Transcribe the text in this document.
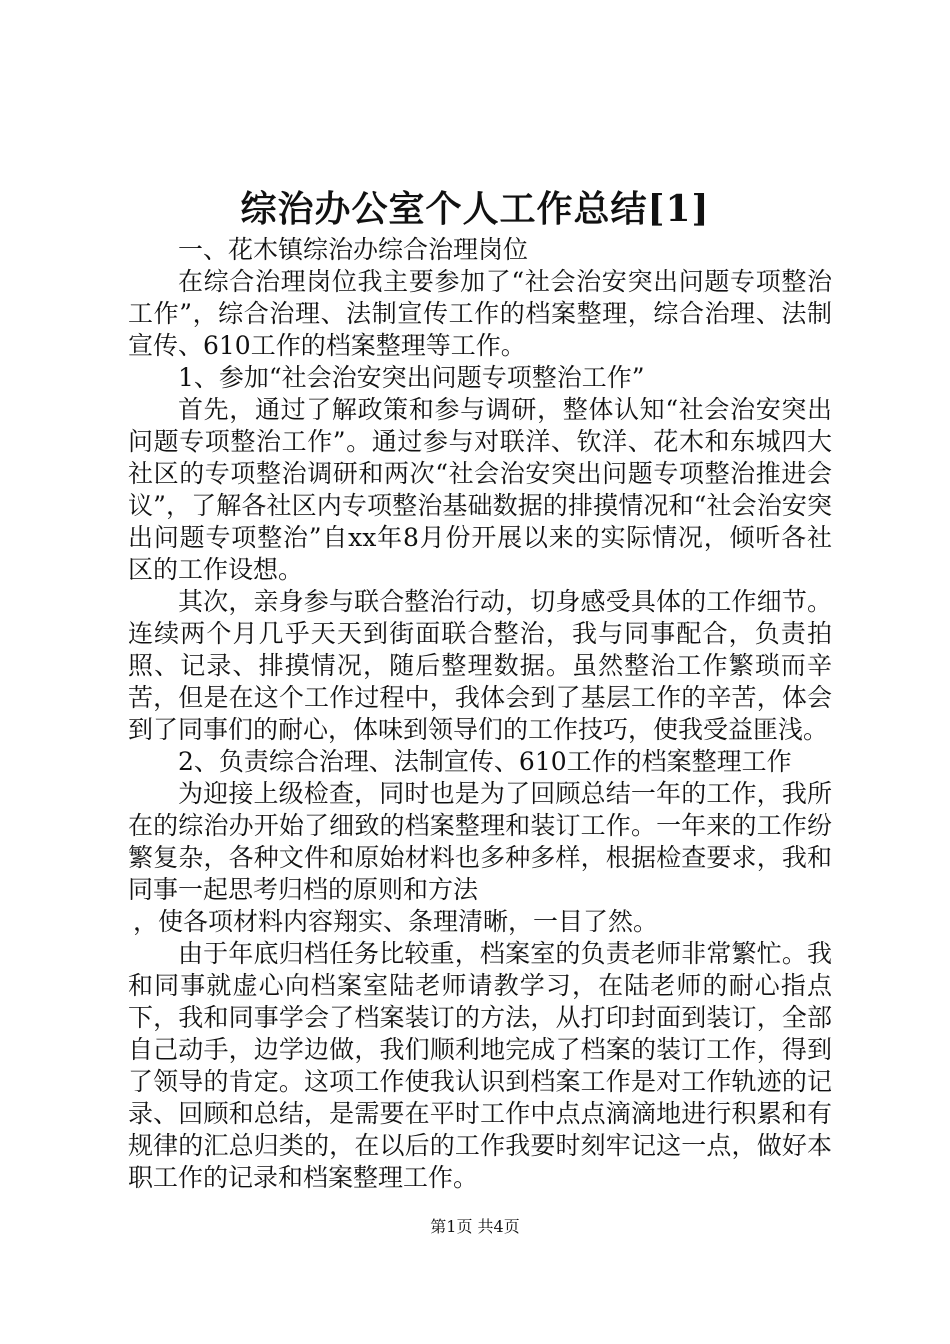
综治办公室个人工作总结[1]

一、花木镇综治办综合治理岗位

在综合治理岗位我主要参加了“社会治安突出问题专项整治工作”，综合治理、法制宣传工作的档案整理，综合治理、法制宣传、610工作的档案整理等工作。

1、参加“社会治安突出问题专项整治工作”

首先，通过了解政策和参与调研，整体认知“社会治安突出问题专项整治工作”。通过参与对联洋、钦洋、花木和东城四大社区的专项整治调研和两次“社会治安突出问题专项整治推进会议”，了解各社区内专项整治基础数据的排摸情况和“社会治安突出问题专项整治”自xx年8月份开展以来的实际情况，倾听各社区的工作设想。

其次，亲身参与联合整治行动，切身感受具体的工作细节。连续两个月几乎天天到街面联合整治，我与同事配合，负责拍照、记录、排摸情况，随后整理数据。虽然整治工作繁琐而辛苦，但是在这个工作过程中，我体会到了基层工作的辛苦，体会到了同事们的耐心，体味到领导们的工作技巧，使我受益匪浅。

2、负责综合治理、法制宣传、610工作的档案整理工作

为迎接上级检查，同时也是为了回顾总结一年的工作，我所在的综治办开始了细致的档案整理和装订工作。一年来的工作纷繁复杂，各种文件和原始材料也多种多样，根据检查要求，我和同事一起思考归档的原则和方法

，使各项材料内容翔实、条理清晰，一目了然。

由于年底归档任务比较重，档案室的负责老师非常繁忙。我和同事就虚心向档案室陆老师请教学习，在陆老师的耐心指点下，我和同事学会了档案装订的方法，从打印封面到装订，全部自己动手，边学边做，我们顺利地完成了档案的装订工作，得到了领导的肯定。这项工作使我认识到档案工作是对工作轨迹的记录、回顾和总结，是需要在平时工作中点点滴滴地进行积累和有规律的汇总归类的，在以后的工作我要时刻牢记这一点，做好本职工作的记录和档案整理工作。

第1页 共4页
